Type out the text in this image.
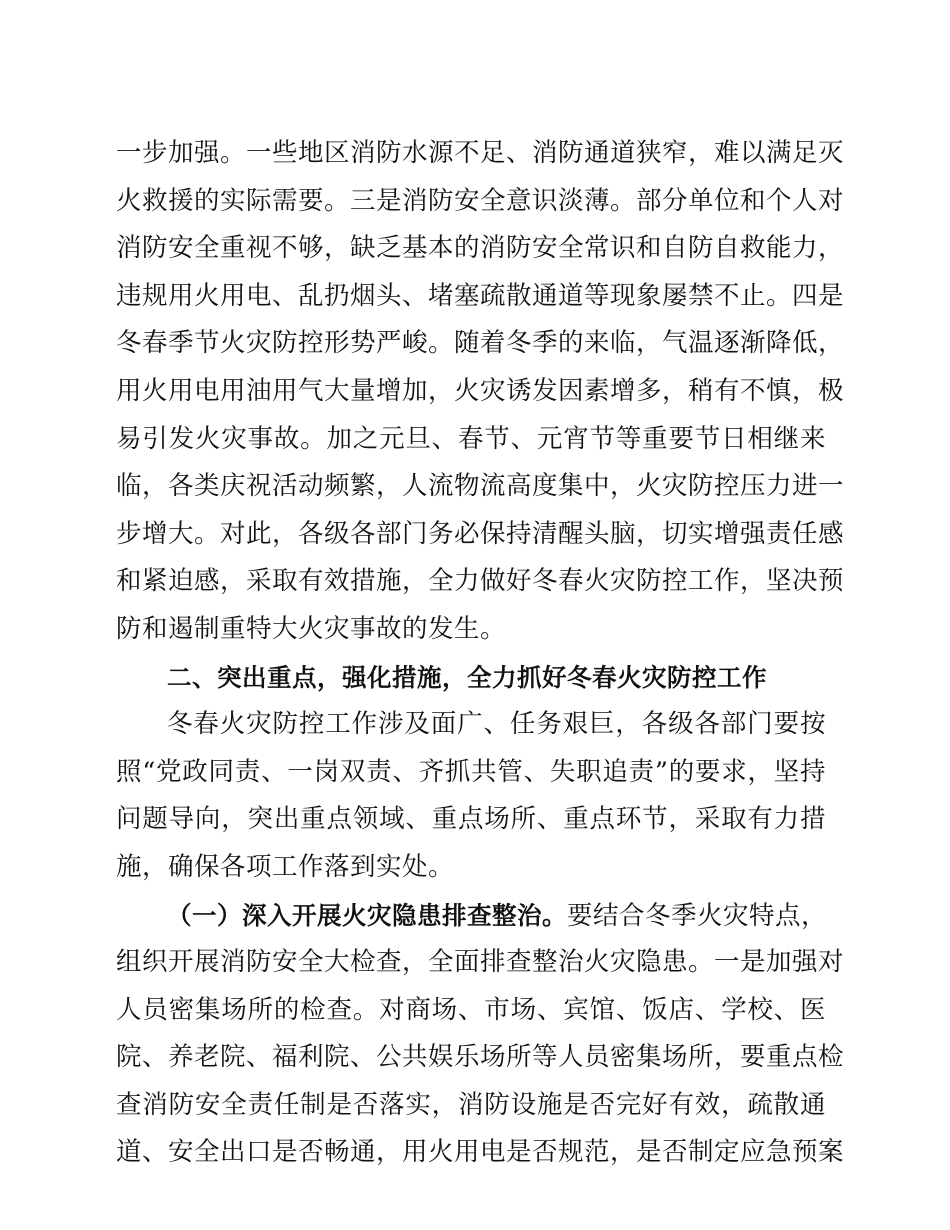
一步加强。一些地区消防水源不足、消防通道狭窄，难以满足灭
火救援的实际需要。三是消防安全意识淡薄。部分单位和个人对
消防安全重视不够，缺乏基本的消防安全常识和自防自救能力，
违规用火用电、乱扔烟头、堵塞疏散通道等现象屡禁不止。四是
冬春季节火灾防控形势严峻。随着冬季的来临，气温逐渐降低，
用火用电用油用气大量增加，火灾诱发因素增多，稍有不慎，极
易引发火灾事故。加之元旦、春节、元宵节等重要节日相继来
临，各类庆祝活动频繁，人流物流高度集中，火灾防控压力进一
步增大。对此，各级各部门务必保持清醒头脑，切实增强责任感
和紧迫感，采取有效措施，全力做好冬春火灾防控工作，坚决预
防和遏制重特大火灾事故的发生。
二、突出重点，强化措施，全力抓好冬春火灾防控工作
冬春火灾防控工作涉及面广、任务艰巨，各级各部门要按
照“党政同责、一岗双责、齐抓共管、失职追责”的要求，坚持
问题导向，突出重点领域、重点场所、重点环节，采取有力措
施，确保各项工作落到实处。
（一）深入开展火灾隐患排查整治。要结合冬季火灾特点，
组织开展消防安全大检查，全面排查整治火灾隐患。一是加强对
人员密集场所的检查。对商场、市场、宾馆、饭店、学校、医
院、养老院、福利院、公共娱乐场所等人员密集场所，要重点检
查消防安全责任制是否落实，消防设施是否完好有效，疏散通
道、安全出口是否畅通，用火用电是否规范，是否制定应急预案
